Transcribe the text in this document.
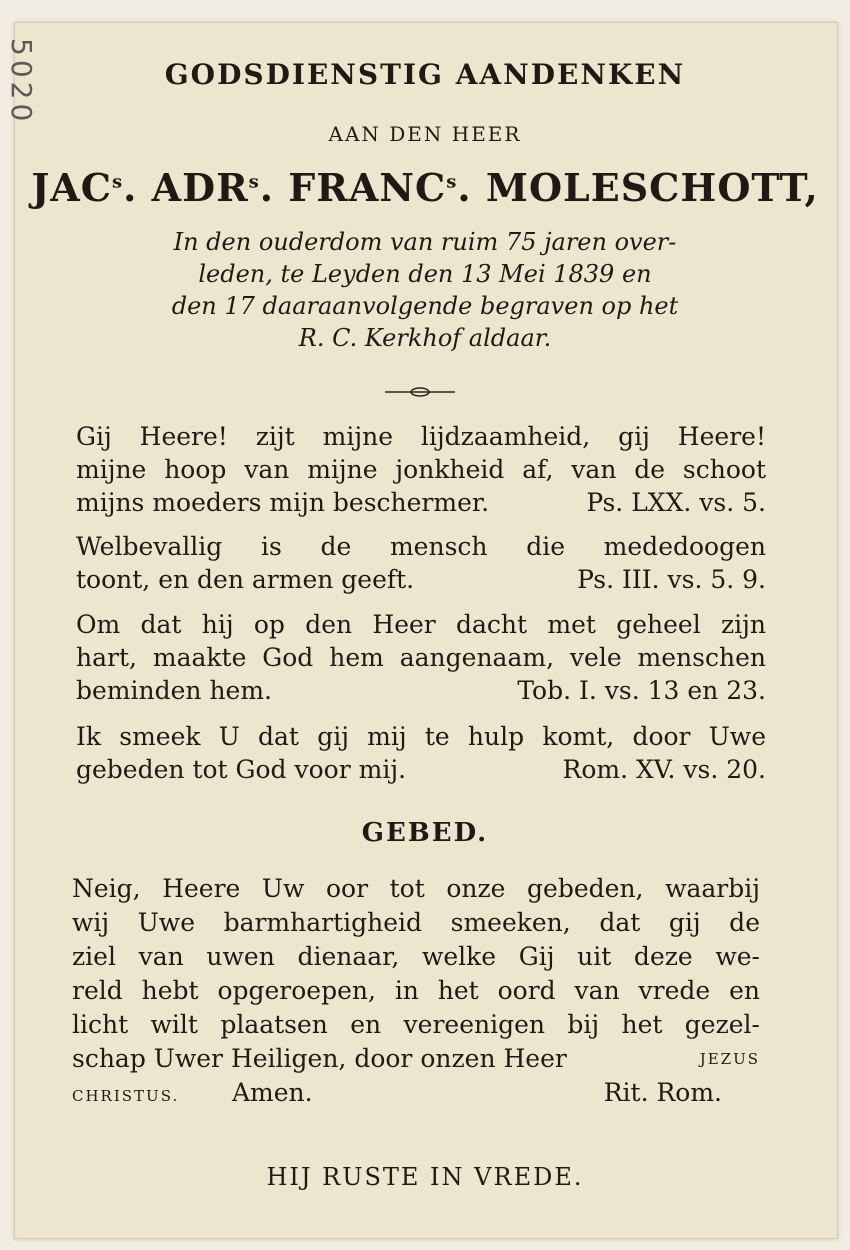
5020	GODSDIENSTIG AANDENKEN
AAN DEN HEER
JAC$^s$. ADR$^s$. FRANC$^s$. MOLESCHOTT,
In den ouderdom van ruim 75 jaren over-
leden, te Leyden den 13 Mei 1839 en
den 17 daaraanvolgende begraven op het
R. C. Kerkhof aldaar.

Gij Heere! zijt mijne lijdzaamheid, gij Heere!

mijne hoop van mijne jonkheid af, van de schoot

mijns moeders mijn beschermer.	Ps. LXX. vs. 5.

Welbevallig is de mensch die mededoogen

toont, en den armen geeft.	Ps. III. vs. 5. 9.

Om dat hij op den Heer dacht met geheel zijn

hart, maakte God hem aangenaam, vele menschen

beminden hem.	Tob. I. vs. 13 en 23.

Ik smeek U dat gij mij te hulp komt, door Uwe

gebeden tot God voor mij.	Rom. XV. vs. 20.
GEBED.

Neig, Heere Uw oor tot onze gebeden, waarbij

wij Uwe barmhartigheid smeeken, dat gij de

ziel van uwen dienaar, welke Gij uit deze we-

reld hebt opgeroepen, in het oord van vrede en

licht wilt plaatsen en vereenigen bij het gezel-

schap Uwer Heiligen, door onzen Heer	JEZUS
CHRISTUS.	Amen.	Rit. Rom.
HIJ RUSTE IN VREDE.
